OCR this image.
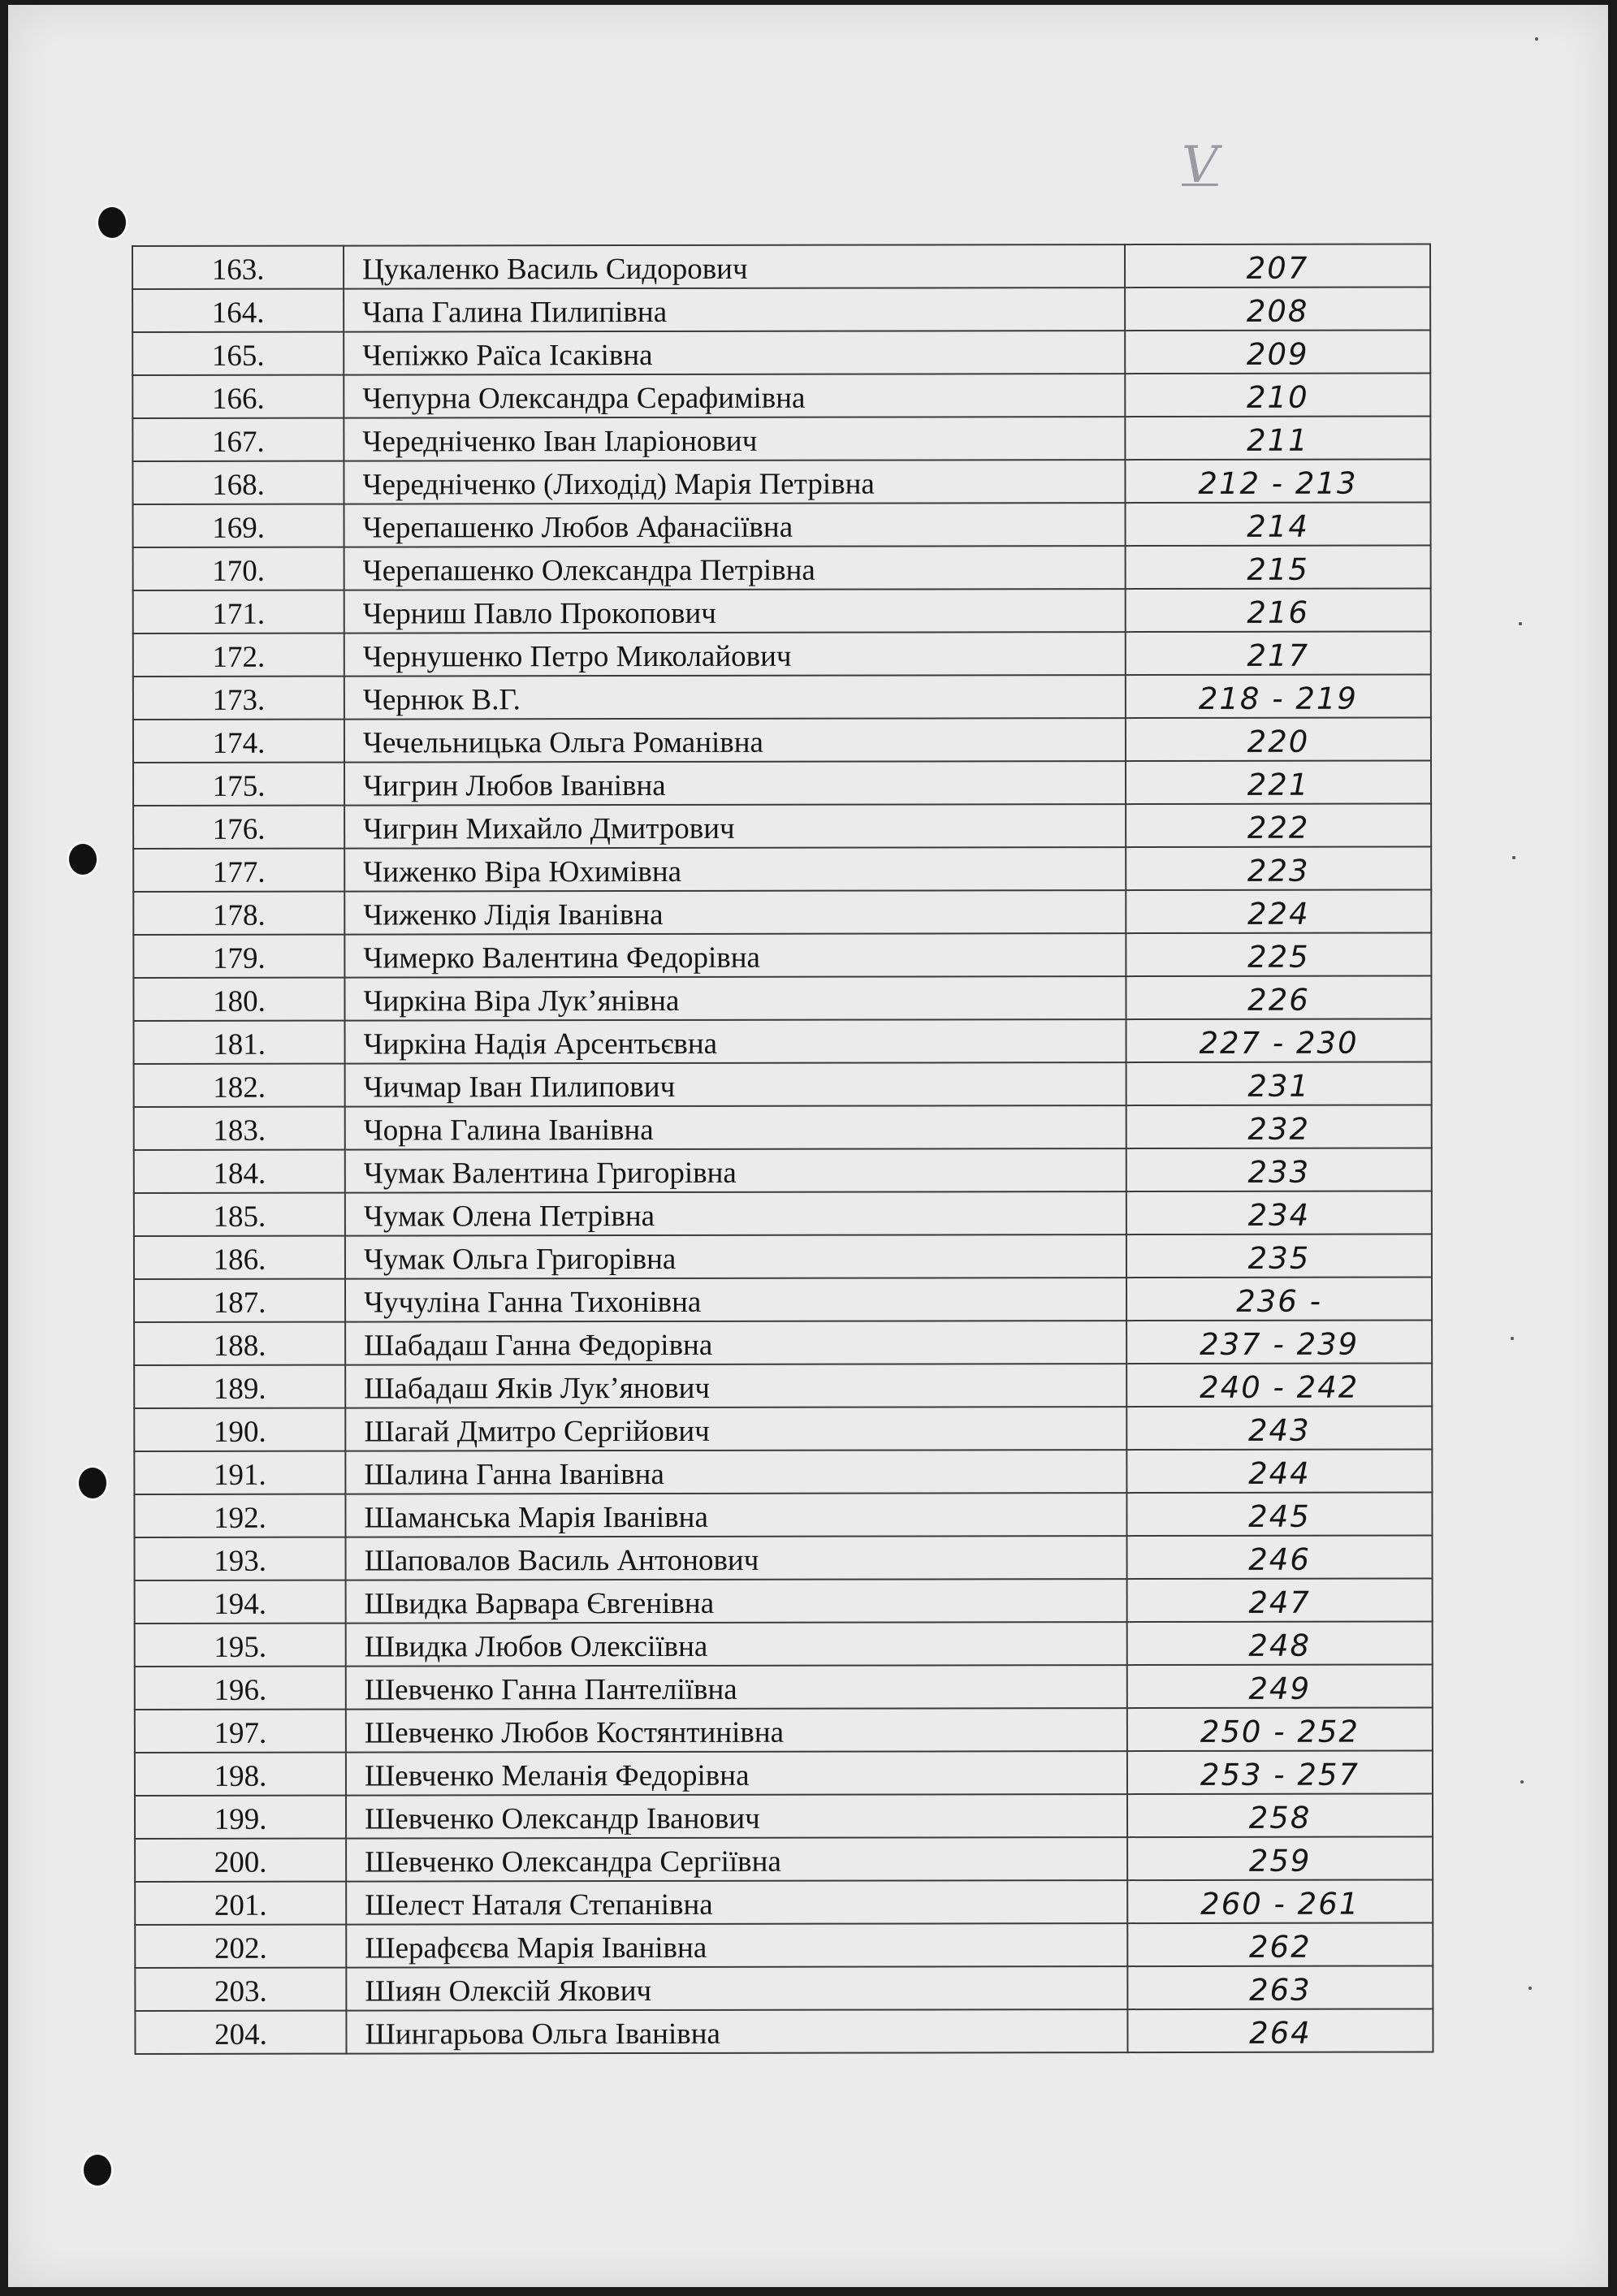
V
163.	Цукаленко Василь Сидорович	207
164.	Чапа Галина Пилипівна	208
165.	Чепіжко Раїса Ісаківна	209
166.	Чепурна Олександра Серафимівна	210
167.	Чередніченко Іван Іларіонович	211
168.	Чередніченко (Лиходід) Марія Петрівна	212 - 213
169.	Черепашенко Любов Афанасіївна	214
170.	Черепашенко Олександра Петрівна	215
171.	Черниш Павло Прокопович	216
172.	Чернушенко Петро Миколайович	217
173.	Чернюк В.Г.	218 - 219
174.	Чечельницька Ольга Романівна	220
175.	Чигрин Любов Іванівна	221
176.	Чигрин Михайло Дмитрович	222
177.	Чиженко Віра Юхимівна	223
178.	Чиженко Лідія Іванівна	224
179.	Чимерко Валентина Федорівна	225
180.	Чиркіна Віра Лук’янівна	226
181.	Чиркіна Надія Арсентьєвна	227 - 230
182.	Чичмар Іван Пилипович	231
183.	Чорна Галина Іванівна	232
184.	Чумак Валентина Григорівна	233
185.	Чумак Олена Петрівна	234
186.	Чумак Ольга Григорівна	235
187.	Чучуліна Ганна Тихонівна	236 -
188.	Шабадаш Ганна Федорівна	237 - 239
189.	Шабадаш Яків Лук’янович	240 - 242
190.	Шагай Дмитро Сергійович	243
191.	Шалина Ганна Іванівна	244
192.	Шаманська Марія Іванівна	245
193.	Шаповалов Василь Антонович	246
194.	Швидка Варвара Євгенівна	247
195.	Швидка Любов Олексіївна	248
196.	Шевченко Ганна Пантеліївна	249
197.	Шевченко Любов Костянтинівна	250 - 252
198.	Шевченко Меланія Федорівна	253 - 257
199.	Шевченко Олександр Іванович	258
200.	Шевченко Олександра Сергіївна	259
201.	Шелест Наталя Степанівна	260 - 261
202.	Шерафєєва Марія Іванівна	262
203.	Шиян Олексій Якович	263
204.	Шингарьова Ольга Іванівна	264
